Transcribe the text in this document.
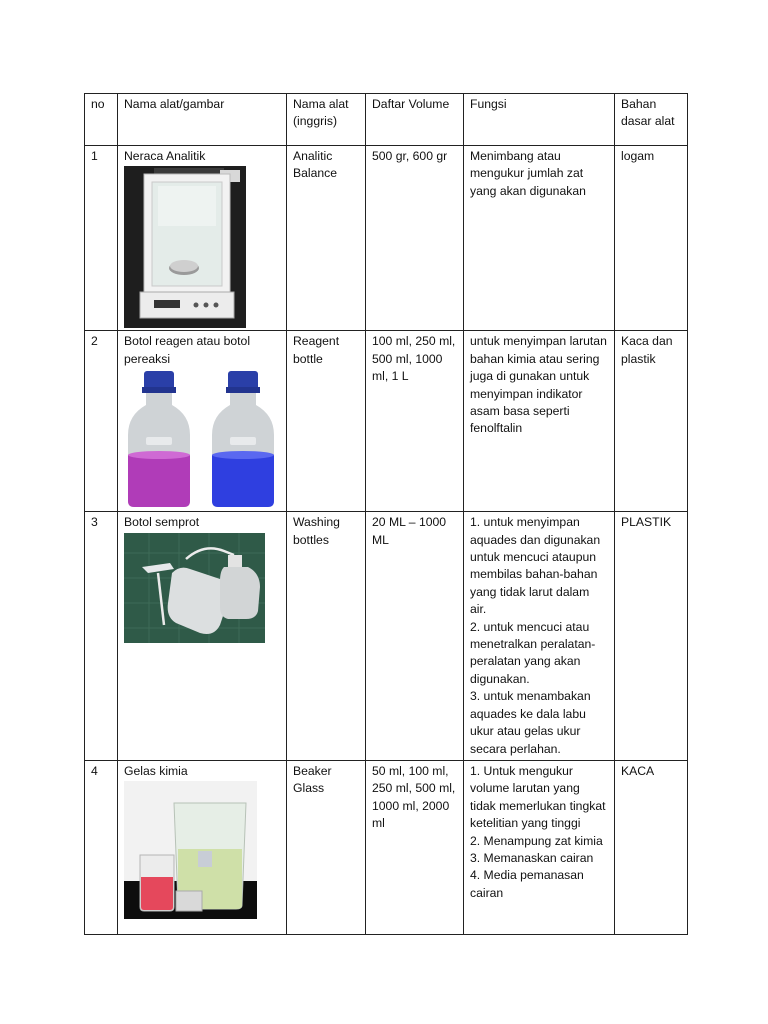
no	Nama alat/gambar	Nama alat (inggris)	Daftar Volume	Fungsi	Bahan dasar alat
1	Neraca Analitik	Analitic Balance	500 gr, 600 gr	Menimbang atau mengukur jumlah zat yang akan digunakan	logam
2	Botol reagen atau botol pereaksi	Reagent bottle	100 ml, 250 ml, 500 ml, 1000 ml, 1 L	untuk menyimpan larutan bahan kimia atau sering juga di gunakan untuk menyimpan indikator asam basa seperti fenolftalin	Kaca dan plastik
3	Botol semprot	Washing bottles	20 ML – 1000 ML	1. untuk menyimpan aquades dan digunakan untuk mencuci ataupun membilas bahan-bahan yang tidak larut dalam air.
2. untuk mencuci atau menetralkan peralatan-peralatan yang akan digunakan.
3. untuk menambakan aquades ke dala labu ukur atau gelas ukur secara perlahan.	PLASTIK
4	Gelas kimia	Beaker Glass	50 ml, 100 ml, 250 ml, 500 ml, 1000 ml, 2000 ml	1. Untuk mengukur volume larutan yang tidak memerlukan tingkat ketelitian yang tinggi
2. Menampung zat kimia
3. Memanaskan cairan
4. Media pemanasan cairan	KACA
